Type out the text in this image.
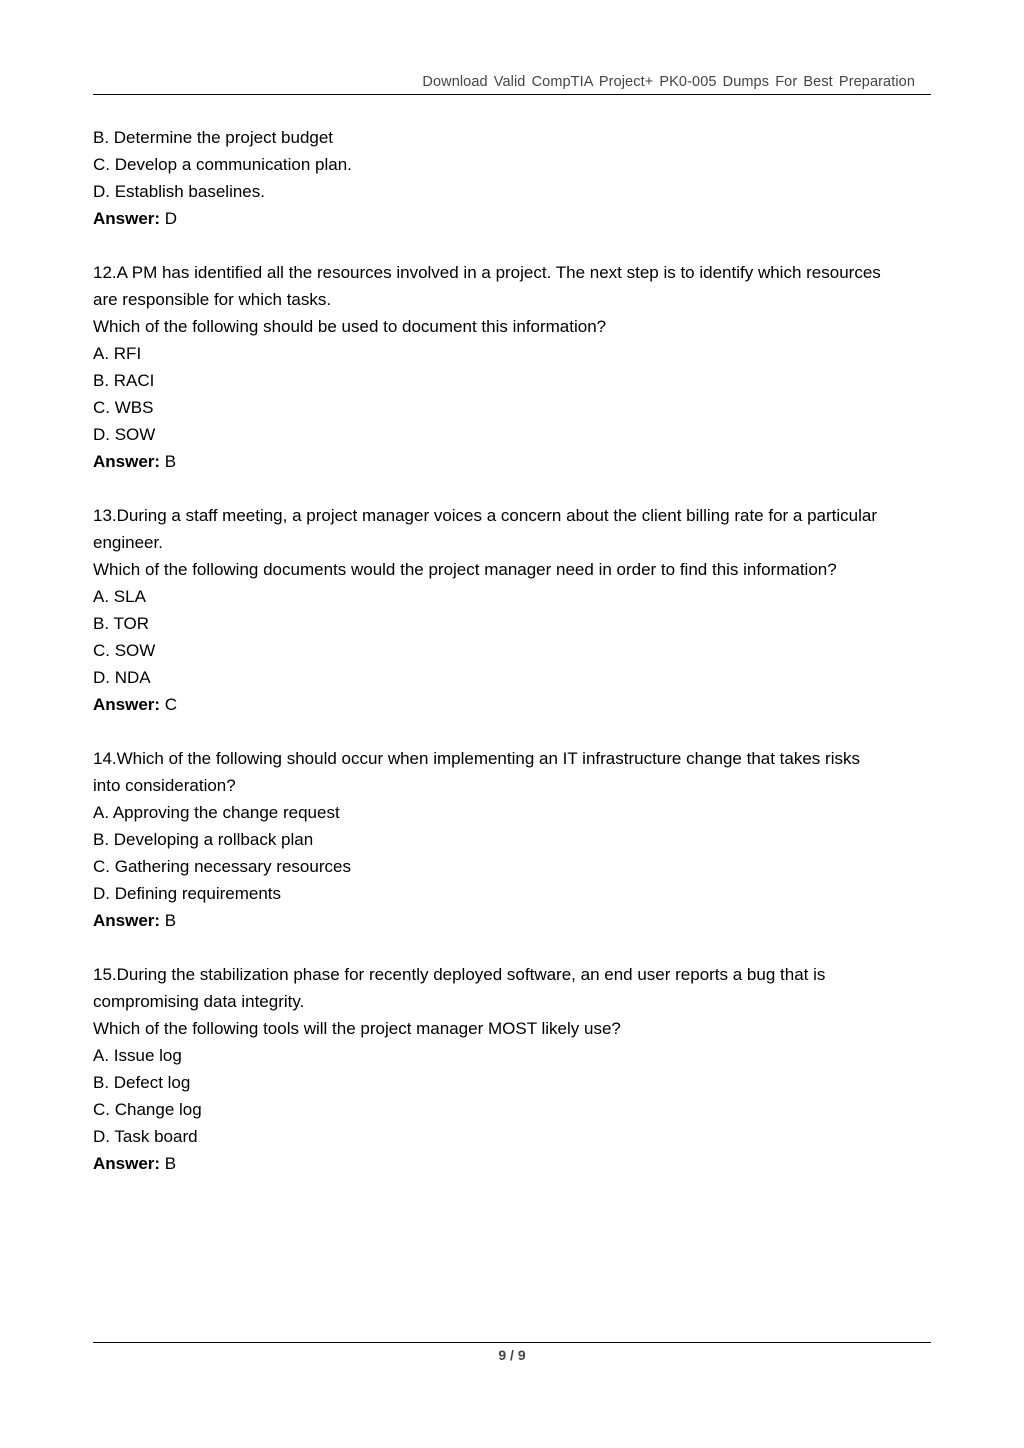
Download Valid CompTIA Project+ PK0-005 Dumps For Best Preparation
B. Determine the project budget
C. Develop a communication plan.
D. Establish baselines.
Answer: D
12.A PM has identified all the resources involved in a project. The next step is to identify which resources
are responsible for which tasks.
Which of the following should be used to document this information?
A. RFI
B. RACI
C. WBS
D. SOW
Answer: B
13.During a staff meeting, a project manager voices a concern about the client billing rate for a particular
engineer.
Which of the following documents would the project manager need in order to find this information?
A. SLA
B. TOR
C. SOW
D. NDA
Answer: C
14.Which of the following should occur when implementing an IT infrastructure change that takes risks
into consideration?
A. Approving the change request
B. Developing a rollback plan
C. Gathering necessary resources
D. Defining requirements
Answer: B
15.During the stabilization phase for recently deployed software, an end user reports a bug that is
compromising data integrity.
Which of the following tools will the project manager MOST likely use?
A. Issue log
B. Defect log
C. Change log
D. Task board
Answer: B
9 / 9
